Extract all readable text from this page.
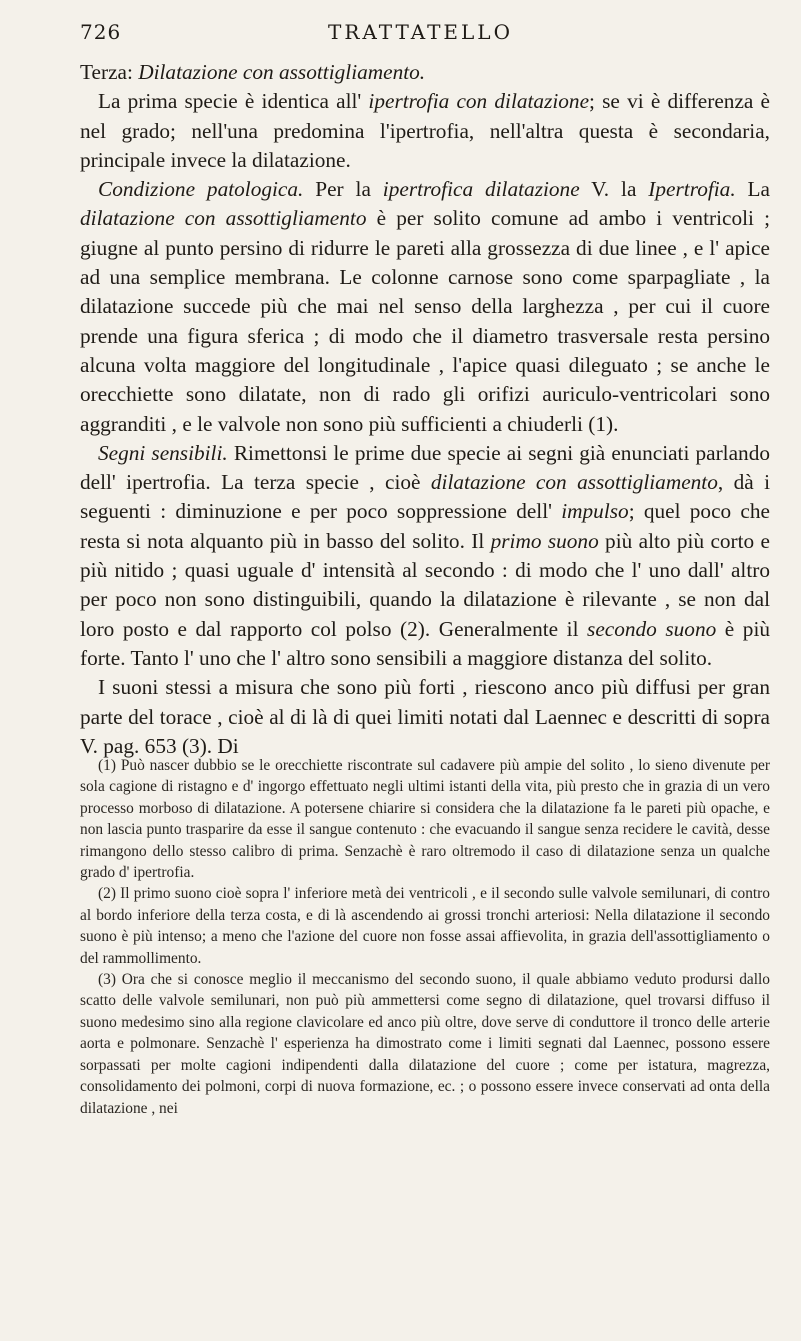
726	TRATTATELLO

Terza: Dilatazione con assottigliamento.

La prima specie è identica all' ipertrofia con dilatazione; se vi è differenza è nel grado; nell'una predomina l'ipertrofia, nell'altra questa è secondaria, principale invece la dilatazione.

Condizione patologica. Per la ipertrofica dilatazione V. la Ipertrofia. La dilatazione con assottigliamento è per solito comune ad ambo i ventricoli ; giugne al punto persino di ridurre le pareti alla grossezza di due linee , e l' apice ad una semplice membrana. Le colonne carnose sono come sparpagliate , la dilatazione succede più che mai nel senso della larghezza , per cui il cuore prende una figura sferica ; di modo che il diametro trasversale resta persino alcuna volta maggiore del longitudinale , l'apice quasi dileguato ; se anche le orecchiette sono dilatate, non di rado gli orifizi auriculo-ventricolari sono aggranditi , e le valvole non sono più sufficienti a chiuderli (1).

Segni sensibili. Rimettonsi le prime due specie ai segni già enunciati parlando dell' ipertrofia. La terza specie , cioè dilatazione con assottigliamento, dà i seguenti : diminuzione e per poco soppressione dell' impulso; quel poco che resta si nota alquanto più in basso del solito. Il primo suono più alto più corto e più nitido ; quasi uguale d' intensità al secondo : di modo che l' uno dall' altro per poco non sono distinguibili, quando la dilatazione è rilevante , se non dal loro posto e dal rapporto col polso (2). Generalmente il secondo suono è più forte. Tanto l' uno che l' altro sono sensibili a maggiore distanza del solito.

I suoni stessi a misura che sono più forti , riescono anco più diffusi per gran parte del torace , cioè al di là di quei limiti notati dal Laennec e descritti di sopra V. pag. 653 (3). Di

(1) Può nascer dubbio se le orecchiette riscontrate sul cadavere più ampie del solito , lo sieno divenute per sola cagione di ristagno e d' ingorgo effettuato negli ultimi istanti della vita, più presto che in grazia di un vero processo morboso di dilatazione. A potersene chiarire si considera che la dilatazione fa le pareti più opache, e non lascia punto trasparire da esse il sangue contenuto : che evacuando il sangue senza recidere le cavità, desse rimangono dello stesso calibro di prima. Senzachè è raro oltremodo il caso di dilatazione senza un qualche grado d' ipertrofia.

(2) Il primo suono cioè sopra l' inferiore metà dei ventricoli , e il secondo sulle valvole semilunari, di contro al bordo inferiore della terza costa, e di là ascendendo ai grossi tronchi arteriosi: Nella dilatazione il secondo suono è più intenso; a meno che l'azione del cuore non fosse assai affievolita, in grazia dell'assottigliamento o del rammollimento.

(3) Ora che si conosce meglio il meccanismo del secondo suono, il quale abbiamo veduto prodursi dallo scatto delle valvole semilunari, non può più ammettersi come segno di dilatazione, quel trovarsi diffuso il suono medesimo sino alla regione clavicolare ed anco più oltre, dove serve di conduttore il tronco delle arterie aorta e polmonare. Senzachè l' esperienza ha dimostrato come i limiti segnati dal Laennec, possono essere sorpassati per molte cagioni indipendenti dalla dilatazione del cuore ; come per istatura, magrezza, consolidamento dei polmoni, corpi di nuova formazione, ec. ; o possono essere invece conservati ad onta della dilatazione , nei
